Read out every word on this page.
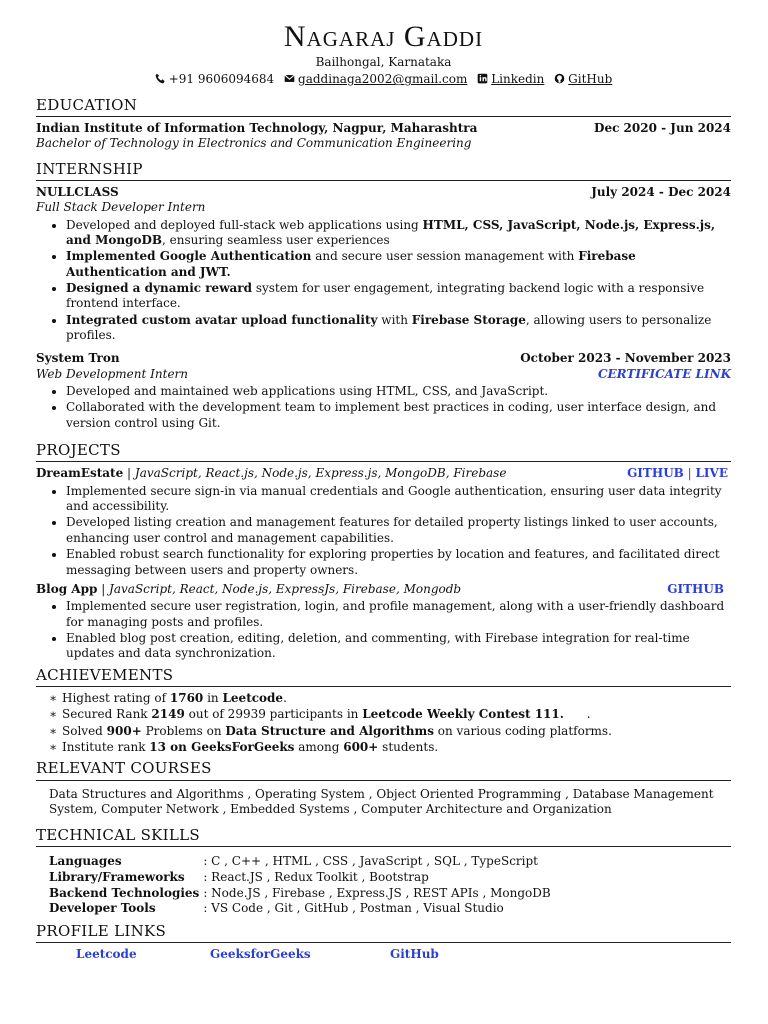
Nagaraj Gaddi
Bailhongal, Karnataka
+91 9606094684 gaddinaga2002@gmail.com Linkedin GitHub
EDUCATION
Indian Institute of Information Technology, Nagpur, Maharashtra	Dec 2020 - Jun 2024
Bachelor of Technology in Electronics and Communication Engineering
INTERNSHIP
NULLCLASS	July 2024 - Dec 2024
Full Stack Developer Intern
• Developed and deployed full-stack web applications using HTML, CSS, JavaScript, Node.js, Express.js, and MongoDB, ensuring seamless user experiences
• Implemented Google Authentication and secure user session management with Firebase Authentication and JWT.
• Designed a dynamic reward system for user engagement, integrating backend logic with a responsive frontend interface.
• Integrated custom avatar upload functionality with Firebase Storage, allowing users to personalize profiles.
System Tron	October 2023 - November 2023
Web Development Intern	CERTIFICATE LINK
• Developed and maintained web applications using HTML, CSS, and JavaScript.
• Collaborated with the development team to implement best practices in coding, user interface design, and version control using Git.
PROJECTS
DreamEstate | JavaScript, React.js, Node.js, Express.js, MongoDB, Firebase	GITHUB | LIVE
• Implemented secure sign-in via manual credentials and Google authentication, ensuring user data integrity and accessibility.
• Developed listing creation and management features for detailed property listings linked to user accounts, enhancing user control and management capabilities.
• Enabled robust search functionality for exploring properties by location and features, and facilitated direct messaging between users and property owners.
Blog App | JavaScript, React, Node.js, ExpressJs, Firebase, Mongodb	GITHUB
• Implemented secure user registration, login, and profile management, along with a user-friendly dashboard for managing posts and profiles.
• Enabled blog post creation, editing, deletion, and commenting, with Firebase integration for real-time updates and data synchronization.
ACHIEVEMENTS
∗ Highest rating of 1760 in Leetcode.
∗ Secured Rank 2149 out of 29939 participants in Leetcode Weekly Contest 111.      .
∗ Solved 900+ Problems on Data Structure and Algorithms on various coding platforms.
∗ Institute rank 13 on GeeksForGeeks among 600+ students.
RELEVANT COURSES
Data Structures and Algorithms , Operating System , Object Oriented Programming , Database Management System, Computer Network , Embedded Systems , Computer Architecture and Organization
TECHNICAL SKILLS
Languages	: C , C++ , HTML , CSS , JavaScript , SQL , TypeScript
Library/Frameworks	: React.JS , Redux Toolkit , Bootstrap
Backend Technologies	: Node.JS , Firebase , Express.JS , REST APIs , MongoDB
Developer Tools	: VS Code , Git , GitHub , Postman , Visual Studio
PROFILE LINKS
Leetcode	GeeksforGeeks	GitHub
